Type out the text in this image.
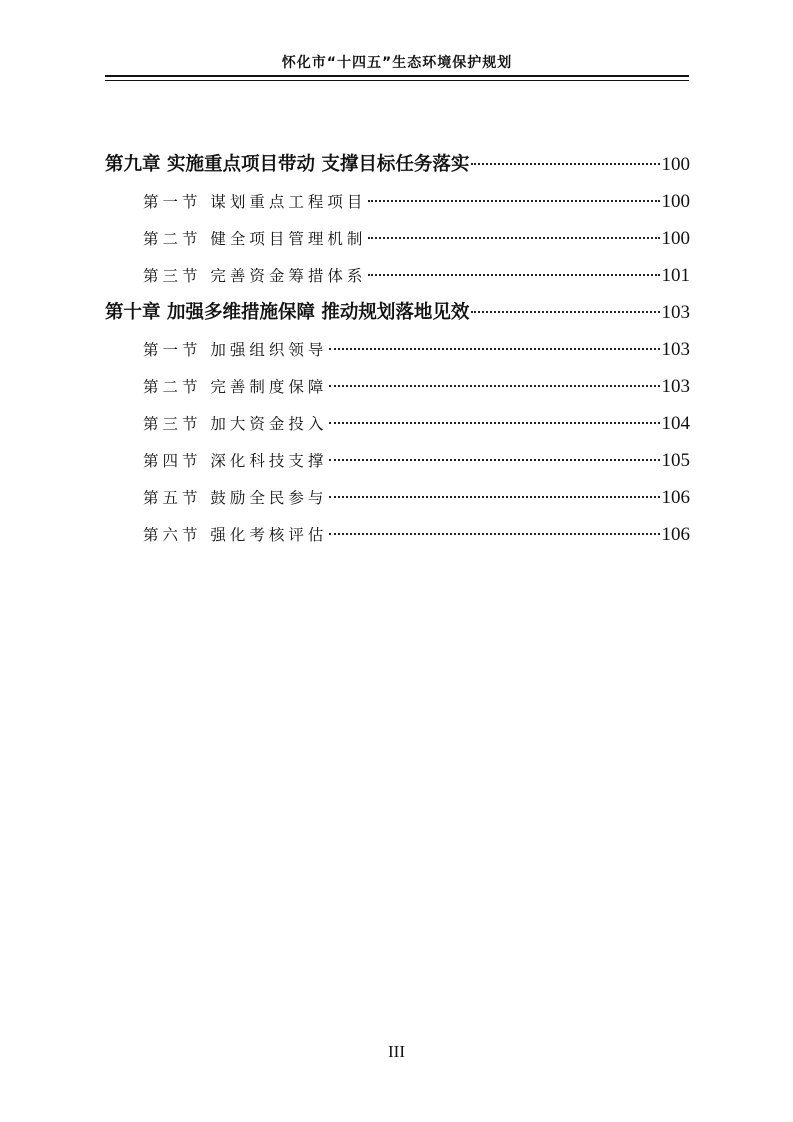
怀化市“十四五”生态环境保护规划
第九章 实施重点项目带动 支撑目标任务落实	100
第一节 谋划重点工程项目	100
第二节 健全项目管理机制	100
第三节 完善资金筹措体系	101
第十章 加强多维措施保障 推动规划落地见效	103
第一节 加强组织领导	103
第二节 完善制度保障	103
第三节 加大资金投入	104
第四节 深化科技支撑	105
第五节 鼓励全民参与	106
第六节 强化考核评估	106
III
